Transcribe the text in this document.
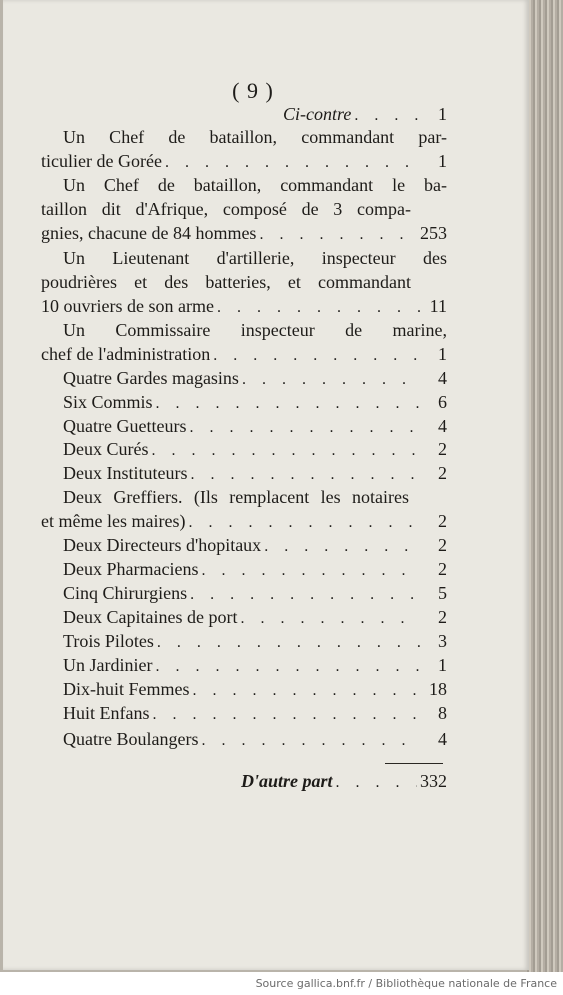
( 9 )
Ci-contre . . .	1
Un Chef de bataillon, commandant par-
ticulier de Gorée . . .	1
Un Chef de bataillon, commandant le ba-
taillon dit d'Afrique, composé de 3 compa-
gnies, chacune de 84 hommes . . .	253
Un Lieutenant d'artillerie, inspecteur des
poudrières et des batteries, et commandant
10 ouvriers de son arme . . .	11
Un Commissaire inspecteur de marine,
chef de l'administration . . .	1
Quatre Gardes magasins . . .	4
Six Commis . . .	6
Quatre Guetteurs . . .	4
Deux Curés . . .	2
Deux Instituteurs . . .	2
Deux Greffiers. (Ils remplacent les notaires
et même les maires) . . .	2
Deux Directeurs d'hopitaux . . .	2
Deux Pharmaciens . . .	2
Cinq Chirurgiens . . .	5
Deux Capitaines de port . . .	2
Trois Pilotes . . .	3
Un Jardinier . . .	1
Dix-huit Femmes . . .	18
Huit Enfans . . .	8
Quatre Boulangers . . .	4
D'autre part . . .	332
Source gallica.bnf.fr / Bibliothèque nationale de France
